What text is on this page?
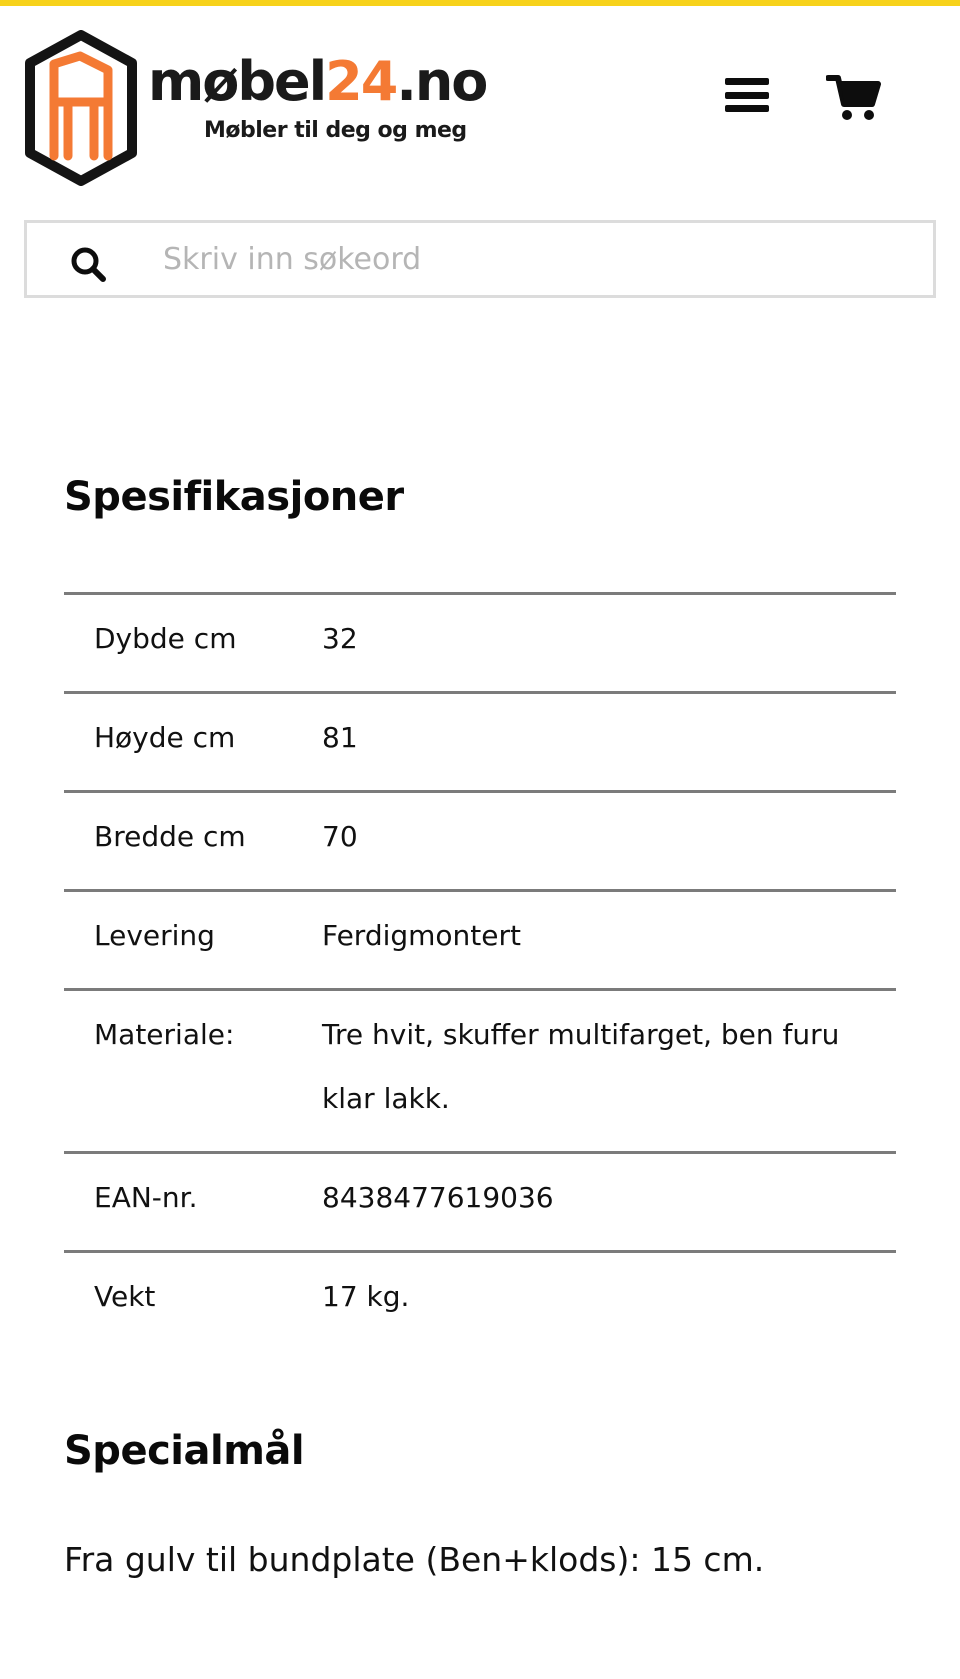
møbel24.no
Møbler til deg og meg
Skriv inn søkeord
Spesifikasjoner
Dybde cm	32
Høyde cm	81
Bredde cm	70
Levering	Ferdigmontert
Materiale:	Tre hvit, skuffer multifarget, ben furu klar lakk.
EAN-nr.	8438477619036
Vekt	17 kg.
Specialmål

Fra gulv til bundplate (Ben+klods): 15 cm.
